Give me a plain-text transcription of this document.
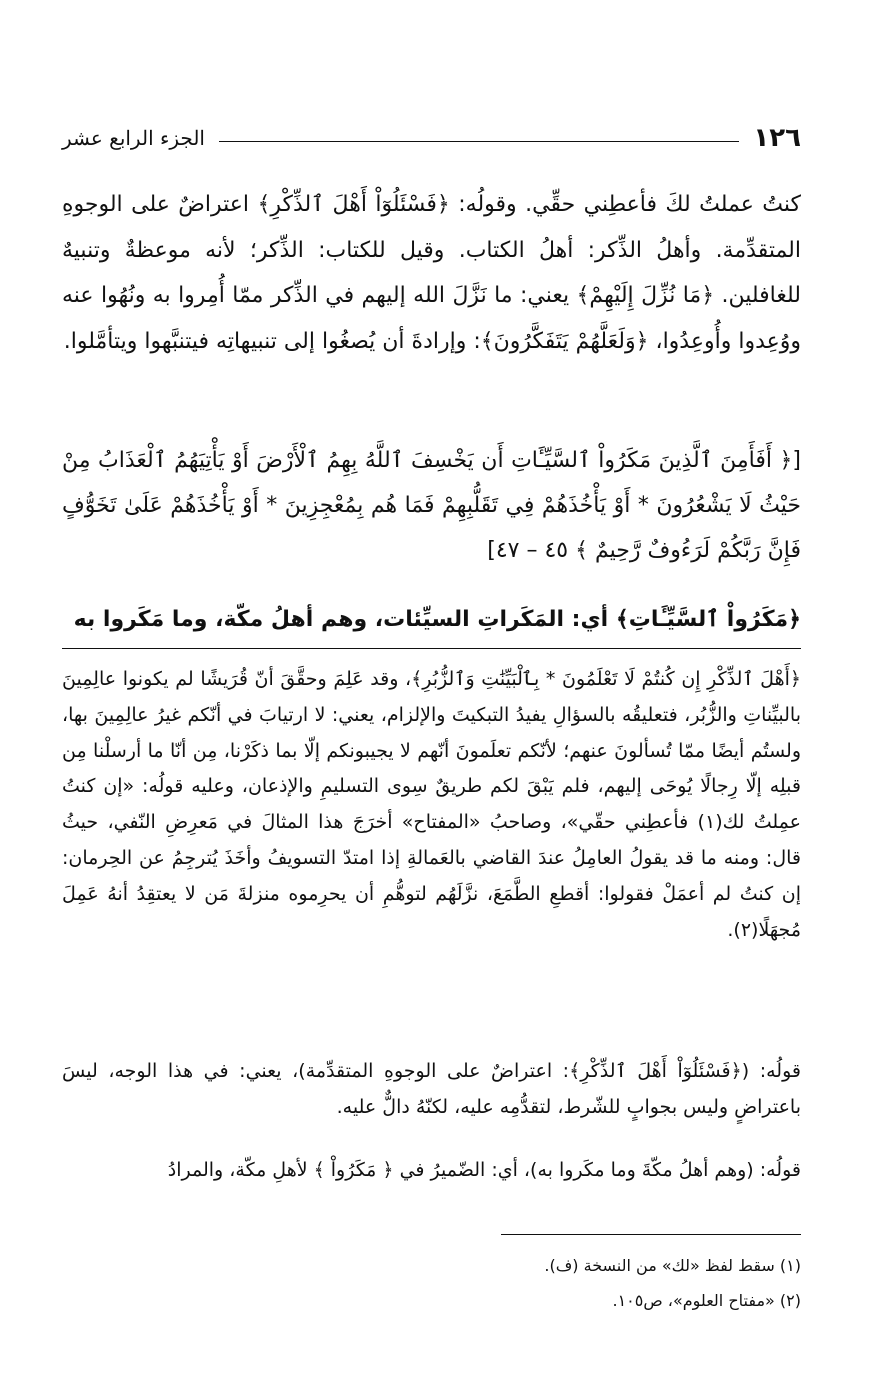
١٢٦
الجزء الرابع عشر

كنتُ عملتُ لكَ فأعطِني حقِّي. وقولُه: ﴿فَسْئَلُوٓاْ أَهْلَ ٱلذِّكْرِ﴾ اعتراضٌ على الوجوهِ المتقدِّمة. وأهلُ الذِّكر: أهلُ الكتاب. وقيل للكتاب: الذِّكر؛ لأنه موعظةٌ وتنبيهٌ للغافلين. ﴿مَا نُزِّلَ إِلَيْهِمْ﴾ يعني: ما نَزَّلَ الله إليهم في الذِّكر ممّا أُمِروا به ونُهُوا عنه ووُعِدوا وأُوعِدُوا، ﴿وَلَعَلَّهُمْ يَتَفَكَّرُونَ﴾: وإرادةَ أن يُصغُوا إلى تنبيهاتِه فيتنبَّهوا ويتأمَّلوا.

[﴿ أَفَأَمِنَ ٱلَّذِينَ مَكَرُواْ ٱلسَّيِّـَٔاتِ أَن يَخْسِفَ ٱللَّهُ بِهِمُ ٱلْأَرْضَ أَوْ يَأْتِيَهُمُ ٱلْعَذَابُ مِنْ حَيْثُ لَا يَشْعُرُونَ * أَوْ يَأْخُذَهُمْ فِي تَقَلُّبِهِمْ فَمَا هُم بِمُعْجِزِينَ * أَوْ يَأْخُذَهُمْ عَلَىٰ تَخَوُّفٍ فَإِنَّ رَبَّكُمْ لَرَءُوفٌ رَّحِيمٌ ﴾ ٤٥ – ٤٧]

﴿مَكَرُواْ ٱلسَّيِّـَٔاتِ﴾ أي: المَكَراتِ السيِّئات، وهم أهلُ مكّة، وما مَكَروا به

﴿أَهْلَ ٱلذِّكْرِ إِن كُنتُمْ لَا تَعْلَمُونَ * بِٱلْبَيِّنَٰتِ وَٱلزُّبُرِ﴾، وقد عَلِمَ وحقَّقَ أنّ قُرَيشًا لم يكونوا عالِمِينَ بالبيِّناتِ والزُّبُر، فتعليقُه بالسؤالِ يفيدُ التبكيتَ والإلزام، يعني: لا ارتيابَ في أنّكم غيرُ عالِمِينَ بها، ولستُم أيضًا ممّا تُسألونَ عنهم؛ لأنّكم تعلَمونَ أنّهم لا يجيبونكم إلّا بما ذكَرْنا، مِن أنّا ما أرسلْنا مِن قبلِه إلّا رِجالًا يُوحَى إليهم، فلم يَبْقَ لكم طريقٌ سِوى التسليمِ والإذعان، وعليه قولُه: «إن كنتُ عمِلتُ لك(١) فأعطِني حقّي»، وصاحبُ «المفتاح» أخرَجَ هذا المثالَ في مَعرِضِ النّفي، حيثُ قال: ومنه ما قد يقولُ العامِلُ عندَ القاضي بالعَمالةِ إذا امتدّ التسويفُ وأخَذَ يُترجِمُ عن الحِرمان: إن كنتُ لم أعمَلْ فقولوا: أقطعِ الطَّمَعَ، نزَّلَهُم لتوهُّمِ أن يحرِموه منزلةَ مَن لا يعتقِدُ أنهُ عَمِلَ مُجهَلًا(٢).

قولُه: (﴿فَسْئَلُوٓاْ أَهْلَ ٱلذِّكْرِ﴾: اعتراضٌ على الوجوهِ المتقدِّمة)، يعني: في هذا الوجه، ليسَ باعتراضٍ وليس بجوابٍ للشّرط، لتقدُّمِه عليه، لكنّهُ دالٌّ عليه.

قولُه: (وهم أهلُ مكّةَ وما مكَروا به)، أي: الضّميرُ في ﴿ مَكَرُواْ ﴾ لأهلِ مكّة، والمرادُ

(١) سقط لفظ «لك» من النسخة (ف).

(٢) «مفتاح العلوم»، ص١٠٥.
